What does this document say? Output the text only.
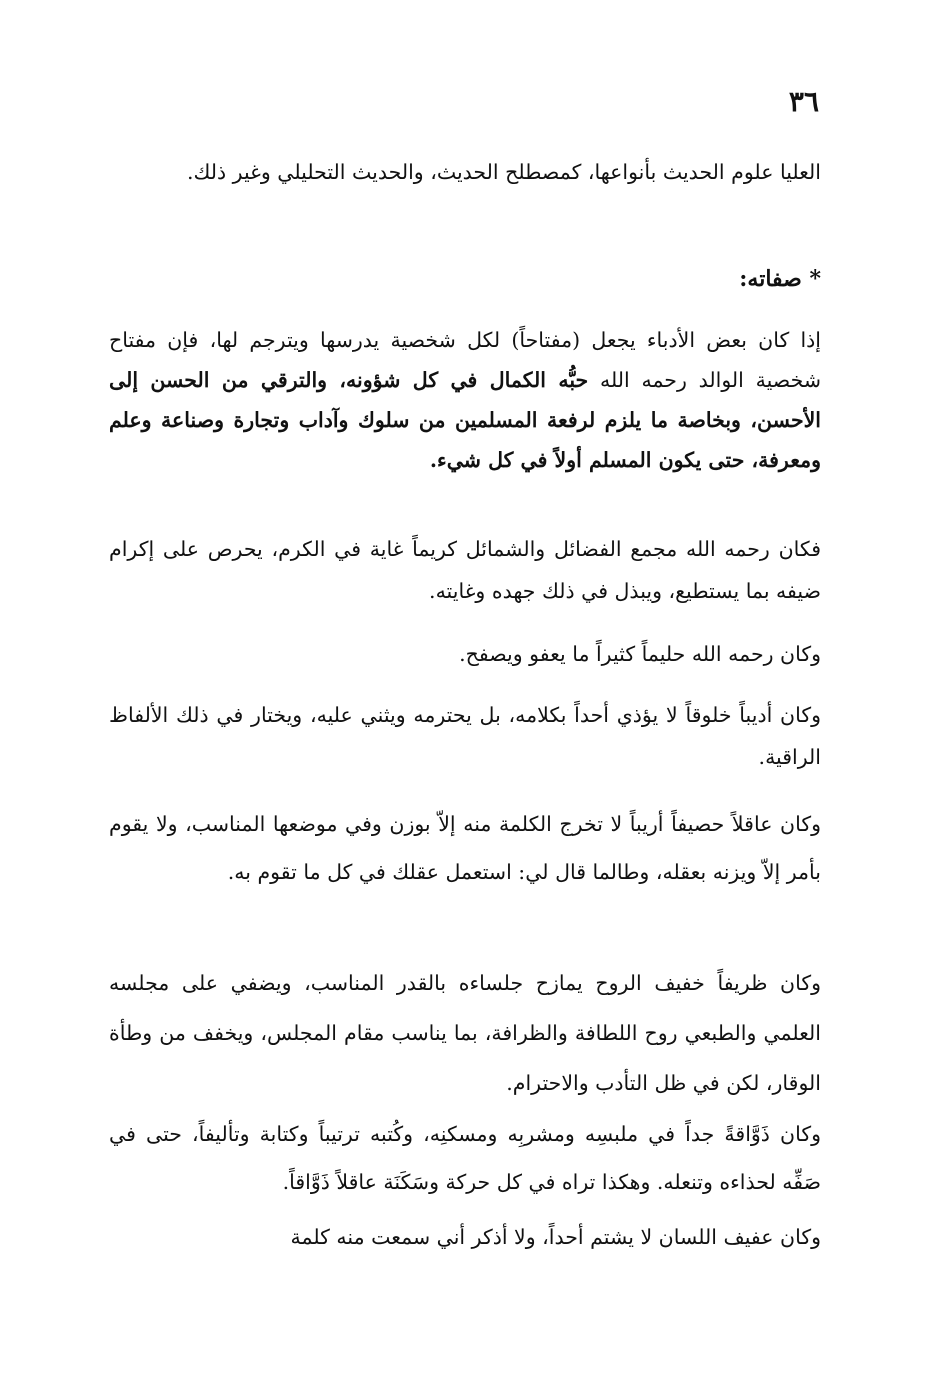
٣٦

العليا علوم الحديث بأنواعها، كمصطلح الحديث، والحديث التحليلي وغير ذلك.

* صفاته:

إذا كان بعض الأدباء يجعل (مفتاحاً) لكل شخصية يدرسها ويترجم لها، فإن مفتاح شخصية الوالد رحمه الله حبُّه الكمال في كل شؤونه، والترقي من الحسن إلى الأحسن، وبخاصة ما يلزم لرفعة المسلمين من سلوك وآداب وتجارة وصناعة وعلم ومعرفة، حتى يكون المسلم أولاً في كل شيء.

فكان رحمه الله مجمع الفضائل والشمائل كريماً غاية في الكرم، يحرص على إكرام ضيفه بما يستطيع، ويبذل في ذلك جهده وغايته.

وكان رحمه الله حليماً كثيراً ما يعفو ويصفح.

وكان أديباً خلوقاً لا يؤذي أحداً بكلامه، بل يحترمه ويثني عليه، ويختار في ذلك الألفاظ الراقية.

وكان عاقلاً حصيفاً أريباً لا تخرج الكلمة منه إلاّ بوزن وفي موضعها المناسب، ولا يقوم بأمر إلاّ ويزنه بعقله، وطالما قال لي: استعمل عقلك في كل ما تقوم به.

وكان ظريفاً خفيف الروح يمازح جلساءه بالقدر المناسب، ويضفي على مجلسه العلمي والطبعي روح اللطافة والظرافة، بما يناسب مقام المجلس، ويخفف من وطأة الوقار، لكن في ظل التأدب والاحترام.

وكان ذَوَّاقةً جداً في ملبسِه ومشربِه ومسكنِه، وكُتبه ترتيباً وكتابة وتأليفاً، حتى في صَفِّه لحذاءه وتنعله. وهكذا تراه في كل حركة وسَكَنَة عاقلاً ذَوَّاقاً.

وكان عفيف اللسان لا يشتم أحداً، ولا أذكر أني سمعت منه كلمة
